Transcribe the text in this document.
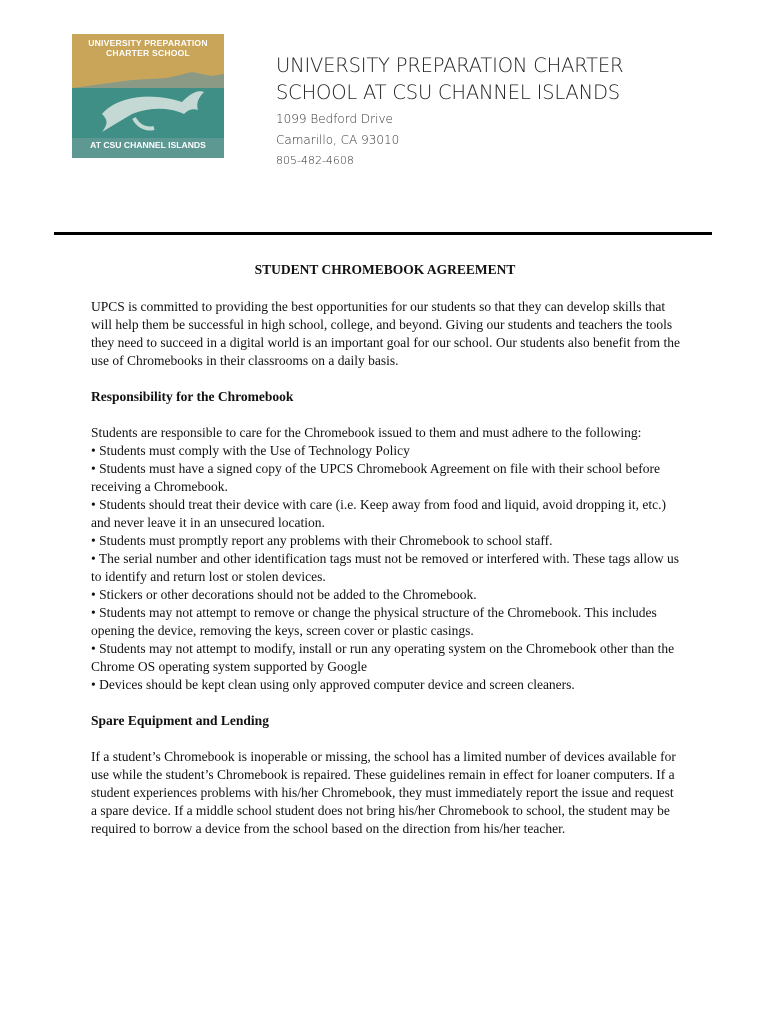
UNIVERSITY PREPARATION
CHARTER SCHOOL
AT CSU CHANNEL ISLANDS
UNIVERSITY PREPARATION CHARTER
SCHOOL AT CSU CHANNEL ISLANDS
1099 Bedford Drive
Camarillo, CA 93010
805-482-4608
STUDENT CHROMEBOOK AGREEMENT

UPCS is committed to providing the best opportunities for our students so that they can develop skills that will help them be successful in high school, college, and beyond. Giving our students and teachers the tools they need to succeed in a digital world is an important goal for our school. Our students also benefit from the use of Chromebooks in their classrooms on a daily basis.

Responsibility for the Chromebook

Students are responsible to care for the Chromebook issued to them and must adhere to the following:

• Students must comply with the Use of Technology Policy

• Students must have a signed copy of the UPCS Chromebook Agreement on file with their school before receiving a Chromebook.

• Students should treat their device with care (i.e. Keep away from food and liquid, avoid dropping it, etc.) and never leave it in an unsecured location.

• Students must promptly report any problems with their Chromebook to school staff.

• The serial number and other identification tags must not be removed or interfered with. These tags allow us to identify and return lost or stolen devices.

• Stickers or other decorations should not be added to the Chromebook.

• Students may not attempt to remove or change the physical structure of the Chromebook. This includes opening the device, removing the keys, screen cover or plastic casings.

• Students may not attempt to modify, install or run any operating system on the Chromebook other than the Chrome OS operating system supported by Google

• Devices should be kept clean using only approved computer device and screen cleaners.

Spare Equipment and Lending

If a student’s Chromebook is inoperable or missing, the school has a limited number of devices available for use while the student’s Chromebook is repaired. These guidelines remain in effect for loaner computers. If a student experiences problems with his/her Chromebook, they must immediately report the issue and request a spare device. If a middle school student does not bring his/her Chromebook to school, the student may be required to borrow a device from the school based on the direction from his/her teacher.
